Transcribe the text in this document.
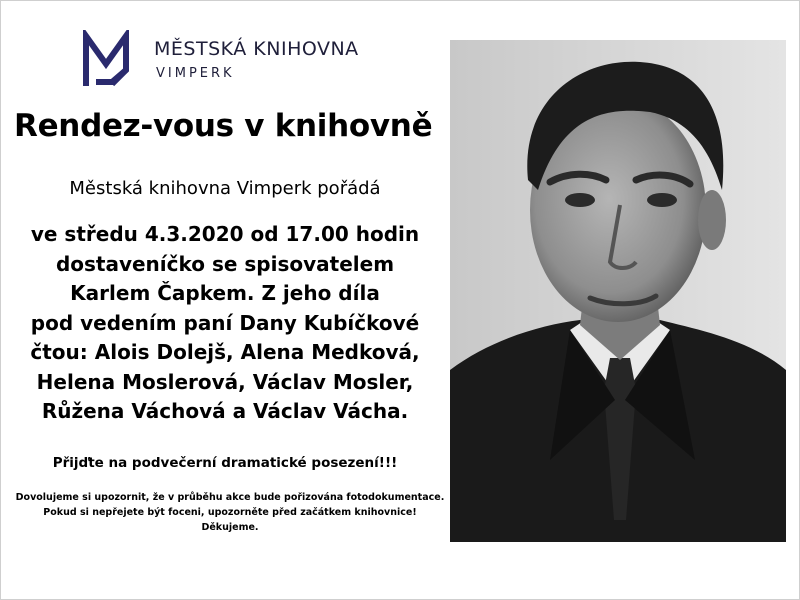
MĚSTSKÁ KNIHOVNA
VIMPERK
Rendez-vous v knihovně
Městská knihovna Vimperk pořádá
ve středu 4.3.2020 od 17.00 hodin
dostaveníčko se spisovatelem
Karlem Čapkem. Z jeho díla
pod vedením paní Dany Kubíčkové
čtou: Alois Dolejš, Alena Medková,
Helena Moslerová, Václav Mosler,
Růžena Váchová a Václav Vácha.
Přijďte na podvečerní dramatické posezení!!!
Dovolujeme si upozornit, že v průběhu akce bude pořizována fotodokumentace.
Pokud si nepřejete být foceni, upozorněte před začátkem knihovnice!
Děkujeme.
